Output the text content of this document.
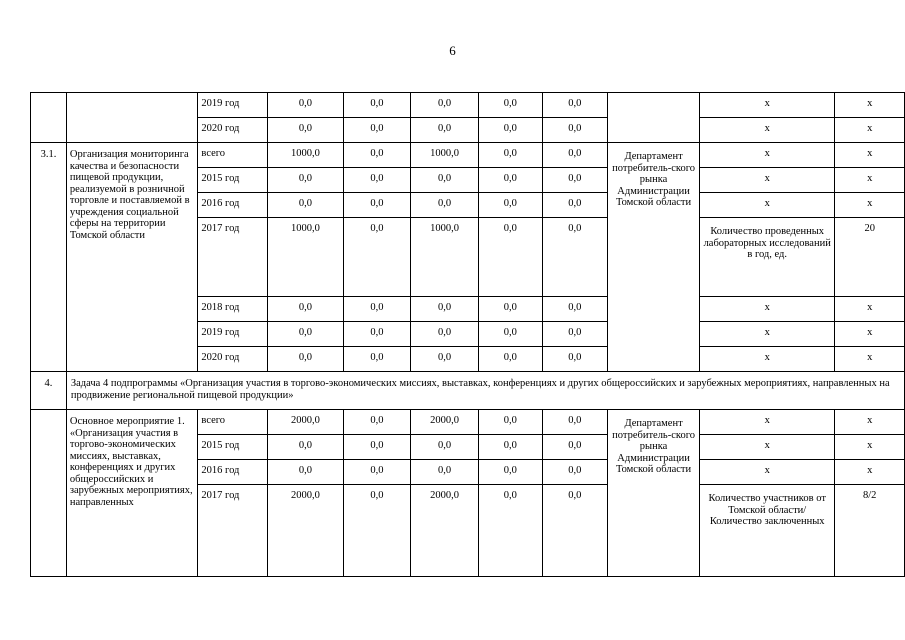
6
		2019 год	0,0	0,0	0,0	0,0	0,0		x	x
		2020 год	0,0	0,0	0,0	0,0	0,0		x	x
3.1.	Организация мониторинга качества и безопасности пищевой продукции, реализуемой в розничной торговле и поставляемой в учреждения социальной сферы на территории Томской области	всего	1000,0	0,0	1000,0	0,0	0,0	Департамент потребитель-ского рынка Администрации Томской области	x	x
		2015 год	0,0	0,0	0,0	0,0	0,0		x	x
		2016 год	0,0	0,0	0,0	0,0	0,0		x	x
		2017 год	1000,0	0,0	1000,0	0,0	0,0		Количество проведенных лабораторных исследований в год, ед.	20
		2018 год	0,0	0,0	0,0	0,0	0,0		x	x
		2019 год	0,0	0,0	0,0	0,0	0,0		x	x
		2020 год	0,0	0,0	0,0	0,0	0,0		x	x
4.	Задача 4 подпрограммы «Организация участия в торгово-экономических миссиях, выставках, конференциях и других общероссийских и зарубежных мероприятиях, направленных на продвижение региональной пищевой продукции»									
	Основное мероприятие 1. «Организация участия в торгово-экономических миссиях, выставках, конференциях и других общероссийских и зарубежных мероприятиях, направленных	всего	2000,0	0,0	2000,0	0,0	0,0	Департамент потребитель-ского рынка Администрации Томской области	x	x
		2015 год	0,0	0,0	0,0	0,0	0,0		x	x
		2016 год	0,0	0,0	0,0	0,0	0,0		x	x
		2017 год	2000,0	0,0	2000,0	0,0	0,0		Количество участников от Томской области/ Количество заключенных	8/2
